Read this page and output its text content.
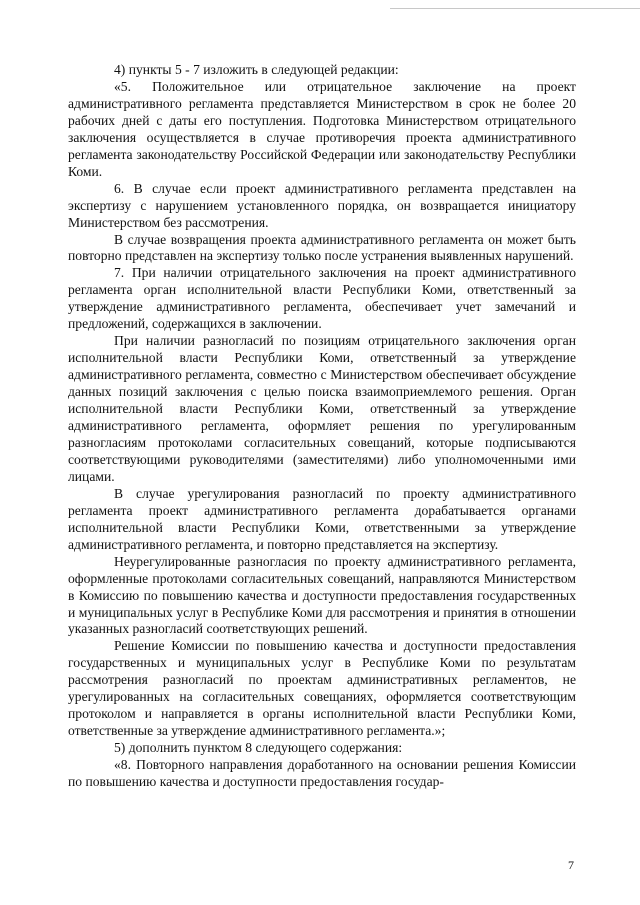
4) пункты 5 - 7 изложить в следующей редакции:

«5. Положительное или отрицательное заключение на проект административного регламента представляется Министерством в срок не более 20 рабочих дней с даты его поступления. Подготовка Министерством отрицательного заключения осуществляется в случае противоречия проекта административного регламента законодательству Российской Федерации или законодательству Республики Коми.

6. В случае если проект административного регламента представлен на экспертизу с нарушением установленного порядка, он возвращается инициатору Министерством без рассмотрения.

В случае возвращения проекта административного регламента он может быть повторно представлен на экспертизу только после устранения выявленных нарушений.

7. При наличии отрицательного заключения на проект административного регламента орган исполнительной власти Республики Коми, ответственный за утверждение административного регламента, обеспечивает учет замечаний и предложений, содержащихся в заключении.

При наличии разногласий по позициям отрицательного заключения орган исполнительной власти Республики Коми, ответственный за утверждение административного регламента, совместно с Министерством обеспечивает обсуждение данных позиций заключения с целью поиска взаимоприемлемого решения. Орган исполнительной власти Республики Коми, ответственный за утверждение административного регламента, оформляет решения по урегулированным разногласиям протоколами согласительных совещаний, которые подписываются соответствующими руководителями (заместителями) либо уполномоченными ими лицами.

В случае урегулирования разногласий по проекту административного регламента проект административного регламента дорабатывается органами исполнительной власти Республики Коми, ответственными за утверждение административного регламента, и повторно представляется на экспертизу.

Неурегулированные разногласия по проекту административного регламента, оформленные протоколами согласительных совещаний, направляются Министерством в Комиссию по повышению качества и доступности предоставления государственных и муниципальных услуг в Республике Коми для рассмотрения и принятия в отношении указанных разногласий соответствующих решений.

Решение Комиссии по повышению качества и доступности предоставления государственных и муниципальных услуг в Республике Коми по результатам рассмотрения разногласий по проектам административных регламентов, не урегулированных на согласительных совещаниях, оформляется соответствующим протоколом и направляется в органы исполнительной власти Республики Коми, ответственные за утверждение административного регламента.»;

5) дополнить пунктом 8 следующего содержания:

«8. Повторного направления доработанного на основании решения Комиссии по повышению качества и доступности предоставления государ-

7
